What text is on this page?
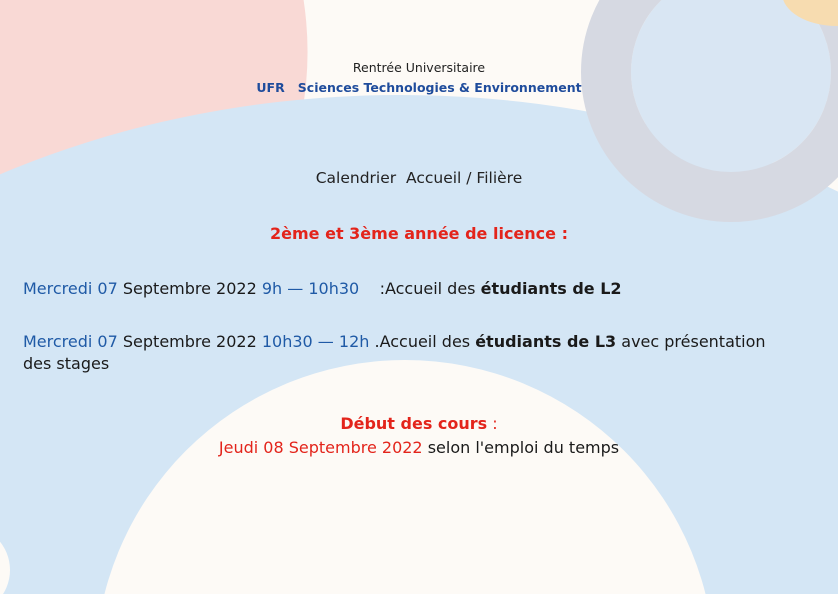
Rentrée Universitaire
UFR   Sciences Technologies & Environnement
Calendrier  Accueil / Filière
2ème et 3ème année de licence :
Mercredi 07 Septembre 2022 9h — 10h30    :Accueil des étudiants de L2
Mercredi 07 Septembre 2022 10h30 — 12h .Accueil des étudiants de L3 avec présentation des stages
Début des cours :
Jeudi 08 Septembre 2022 selon l'emploi du temps
